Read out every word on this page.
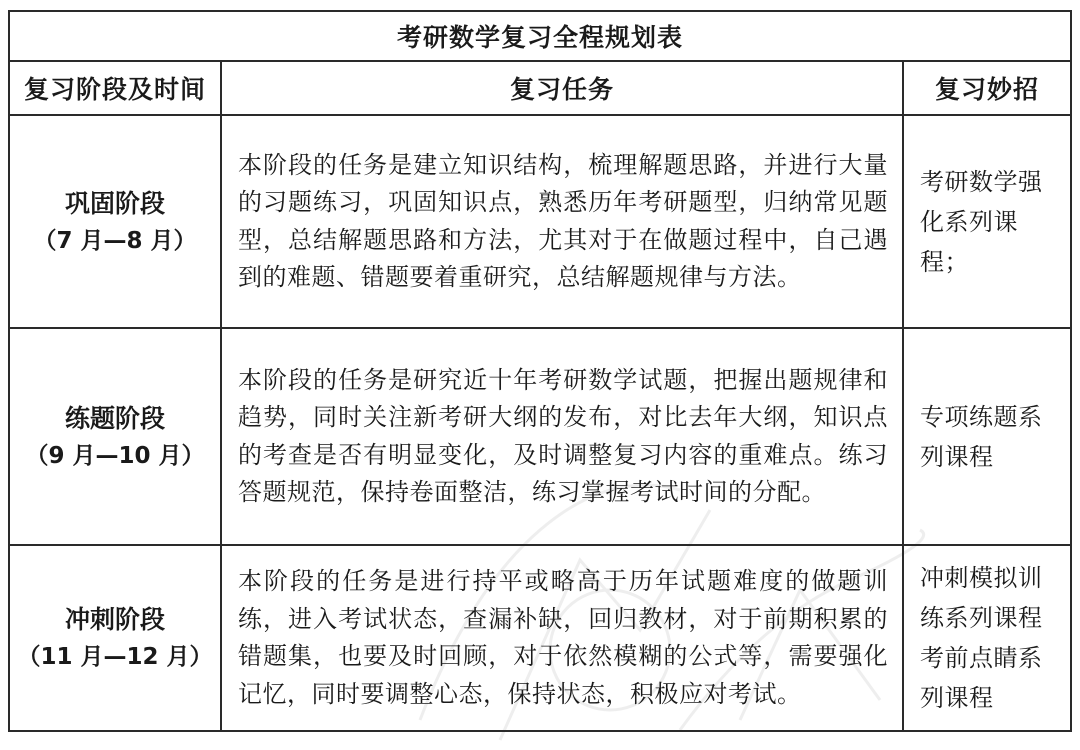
考研数学复习全程规划表		
复习阶段及时间	复习任务	复习妙招

巩固阶段
（7 月—8 月）	本阶段的任务是建立知识结构，梳理解题思路，并进行大量的习题练习，巩固知识点，熟悉历年考研题型，归纳常见题型，总结解题思路和方法，尤其对于在做题过程中，自己遇到的难题、错题要着重研究，总结解题规律与方法。	考研数学强
化系列课程；

练题阶段
（9 月—10 月）	本阶段的任务是研究近十年考研数学试题，把握出题规律和趋势，同时关注新考研大纲的发布，对比去年大纲，知识点的考查是否有明显变化，及时调整复习内容的重难点。练习答题规范，保持卷面整洁，练习掌握考试时间的分配。	专项练题系
列课程

冲刺阶段
（11 月—12 月）	本阶段的任务是进行持平或略高于历年试题难度的做题训练，进入考试状态，查漏补缺，回归教材，对于前期积累的错题集，也要及时回顾，对于依然模糊的公式等，需要强化记忆，同时要调整心态，保持状态，积极应对考试。	冲刺模拟训
练系列课程
考前点睛系
列课程
